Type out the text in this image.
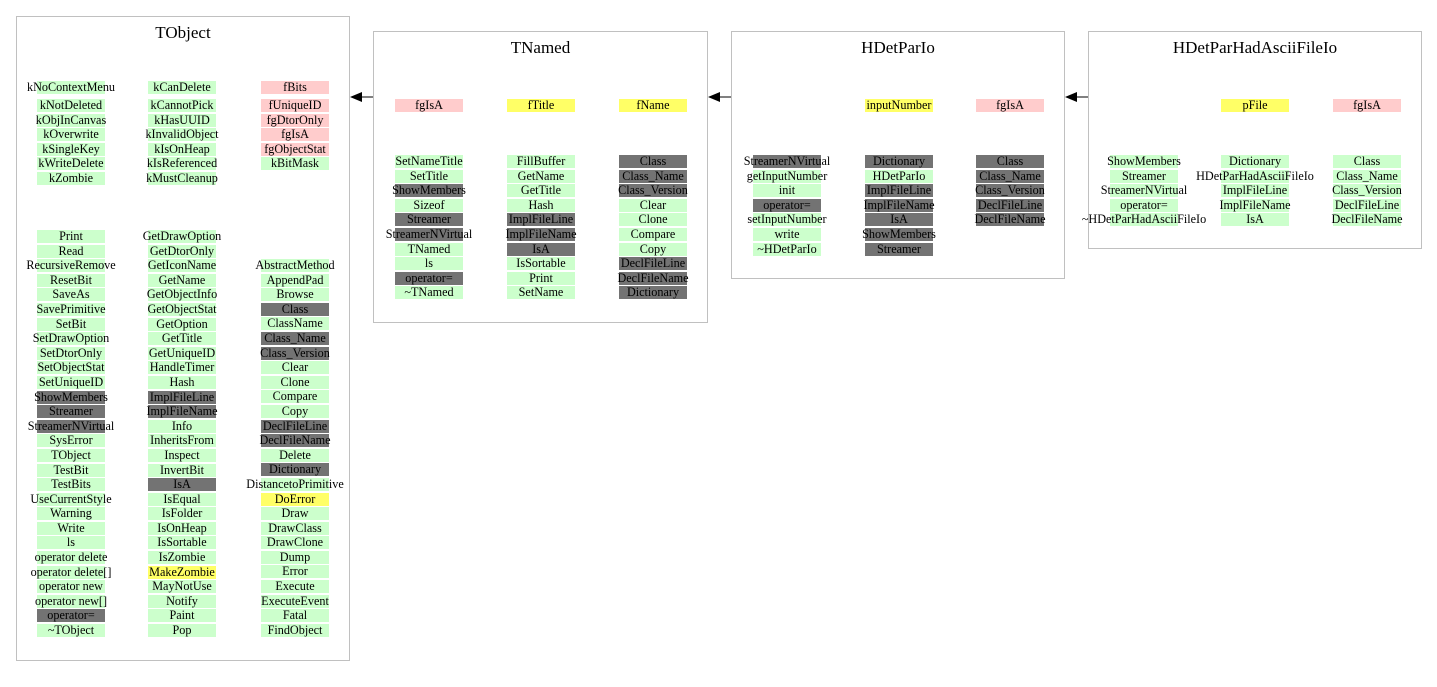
TObject
kNoContextMenu	kCanDelete	fBits
kNotDeleted
kObjInCanvas
kOverwrite
kSingleKey
kWriteDelete
kZombie
kCannotPick
kHasUUID
kInvalidObject
kIsOnHeap
kIsReferenced
kMustCleanup
fUniqueID
fgDtorOnly
fgIsA
fgObjectStat
kBitMask
Print
Read
RecursiveRemove
ResetBit
SaveAs
SavePrimitive
SetBit
SetDrawOption
SetDtorOnly
SetObjectStat
SetUniqueID
ShowMembers
Streamer
StreamerNVirtual
SysError
TObject
TestBit
TestBits
UseCurrentStyle
Warning
Write
ls
operator delete
operator delete[]
operator new
operator new[]
operator=
~TObject
GetDrawOption
GetDtorOnly
GetIconName
GetName
GetObjectInfo
GetObjectStat
GetOption
GetTitle
GetUniqueID
HandleTimer
Hash
ImplFileLine
ImplFileName
Info
InheritsFrom
Inspect
InvertBit
IsA
IsEqual
IsFolder
IsOnHeap
IsSortable
IsZombie
MakeZombie
MayNotUse
Notify
Paint
Pop
AbstractMethod
AppendPad
Browse
Class
ClassName
Class_Name
Class_Version
Clear
Clone
Compare
Copy
DeclFileLine
DeclFileName
Delete
Dictionary
DistancetoPrimitive
DoError
Draw
DrawClass
DrawClone
Dump
Error
Execute
ExecuteEvent
Fatal
FindObject
TNamed
fgIsA	fTitle	fName
SetNameTitle
SetTitle
ShowMembers
Sizeof
Streamer
StreamerNVirtual
TNamed
ls
operator=
~TNamed
FillBuffer
GetName
GetTitle
Hash
ImplFileLine
ImplFileName
IsA
IsSortable
Print
SetName
Class
Class_Name
Class_Version
Clear
Clone
Compare
Copy
DeclFileLine
DeclFileName
Dictionary
HDetParIo
inputNumber	fgIsA
StreamerNVirtual
getInputNumber
init
operator=
setInputNumber
write
~HDetParIo
Dictionary
HDetParIo
ImplFileLine
ImplFileName
IsA
ShowMembers
Streamer
Class
Class_Name
Class_Version
DeclFileLine
DeclFileName
HDetParHadAsciiFileIo
pFile	fgIsA
ShowMembers
Streamer
StreamerNVirtual
operator=
~HDetParHadAsciiFileIo
Dictionary
HDetParHadAsciiFileIo
ImplFileLine
ImplFileName
IsA
Class
Class_Name
Class_Version
DeclFileLine
DeclFileName
